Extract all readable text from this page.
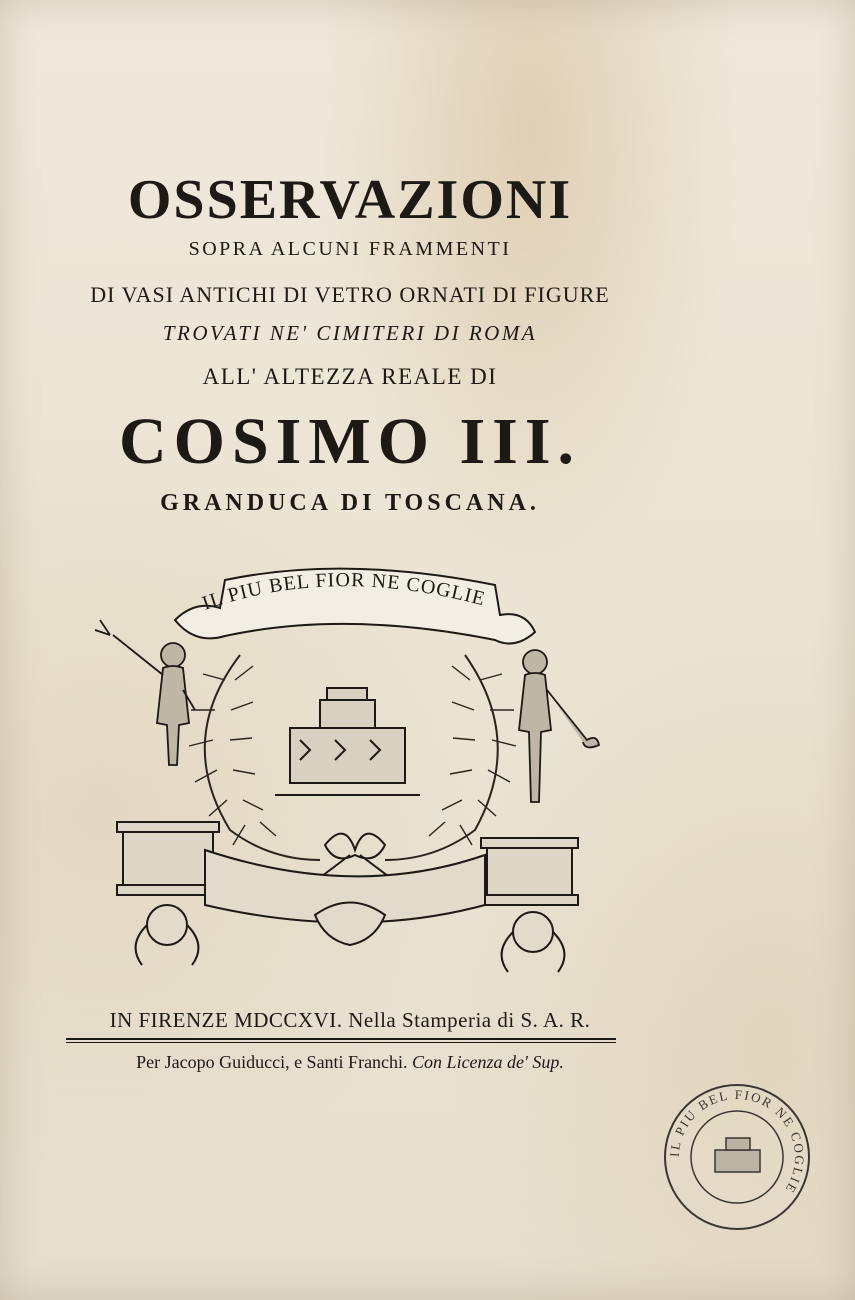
OSSERVAZIONI
SOPRA ALCUNI FRAMMENTI
DI VASI ANTICHI DI VETRO ORNATI DI FIGURE
TROVATI NE' CIMITERI DI ROMA
ALL' ALTEZZA REALE DI
COSIMO III.
GRANDUCA DI TOSCANA.
IL PIU BEL FIOR NE COGLIE
IN FIRENZE MDCCXVI. Nella Stamperia di S. A. R.
Per Jacopo Guiducci, e Santi Franchi. Con Licenza de' Sup.
IL PIU BEL FIOR NE COGLIE
